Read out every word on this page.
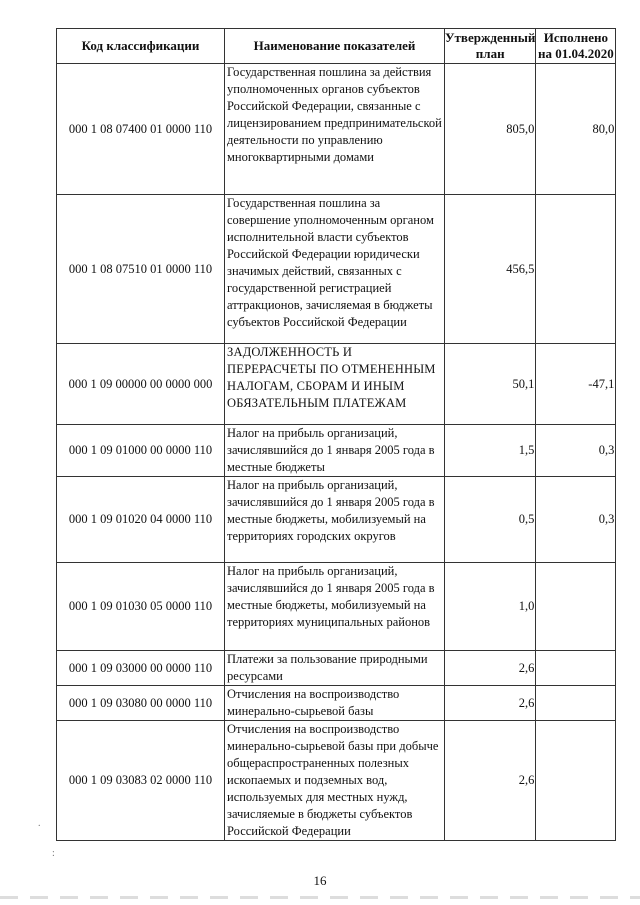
Код классификации	Наименование показателей	Утвержденный план	Исполнено на 01.04.2020
000 1 08 07400 01 0000 110	Государственная пошлина за действия уполномоченных органов субъектов Российской Федерации, связанные с лицензированием предпринимательской деятельности по управлению многоквартирными домами	805,0	80,0
000 1 08 07510 01 0000 110	Государственная пошлина за совершение уполномоченным органом исполнительной власти субъектов Российской Федерации юридически значимых действий, связанных с государственной регистрацией аттракционов, зачисляемая в бюджеты субъектов Российской Федерации	456,5	
000 1 09 00000 00 0000 000	ЗАДОЛЖЕННОСТЬ И ПЕРЕРАСЧЕТЫ ПО ОТМЕНЕННЫМ НАЛОГАМ, СБОРАМ И ИНЫМ ОБЯЗАТЕЛЬНЫМ ПЛАТЕЖАМ	50,1	-47,1
000 1 09 01000 00 0000 110	Налог на прибыль организаций, зачислявшийся до 1 января 2005 года в местные бюджеты	1,5	0,3
000 1 09 01020 04 0000 110	Налог на прибыль организаций, зачислявшийся до 1 января 2005 года в местные бюджеты, мобилизуемый на территориях городских округов	0,5	0,3
000 1 09 01030 05 0000 110	Налог на прибыль организаций, зачислявшийся до 1 января 2005 года в местные бюджеты, мобилизуемый на территориях муниципальных районов	1,0	
000 1 09 03000 00 0000 110	Платежи за пользование природными ресурсами	2,6	
000 1 09 03080 00 0000 110	Отчисления на воспроизводство минерально-сырьевой базы	2,6	
000 1 09 03083 02 0000 110	Отчисления на воспроизводство минерально-сырьевой базы при добыче общераспространенных полезных ископаемых и подземных вод, используемых для местных нужд, зачисляемые в бюджеты субъектов Российской Федерации	2,6	
.
:
16
